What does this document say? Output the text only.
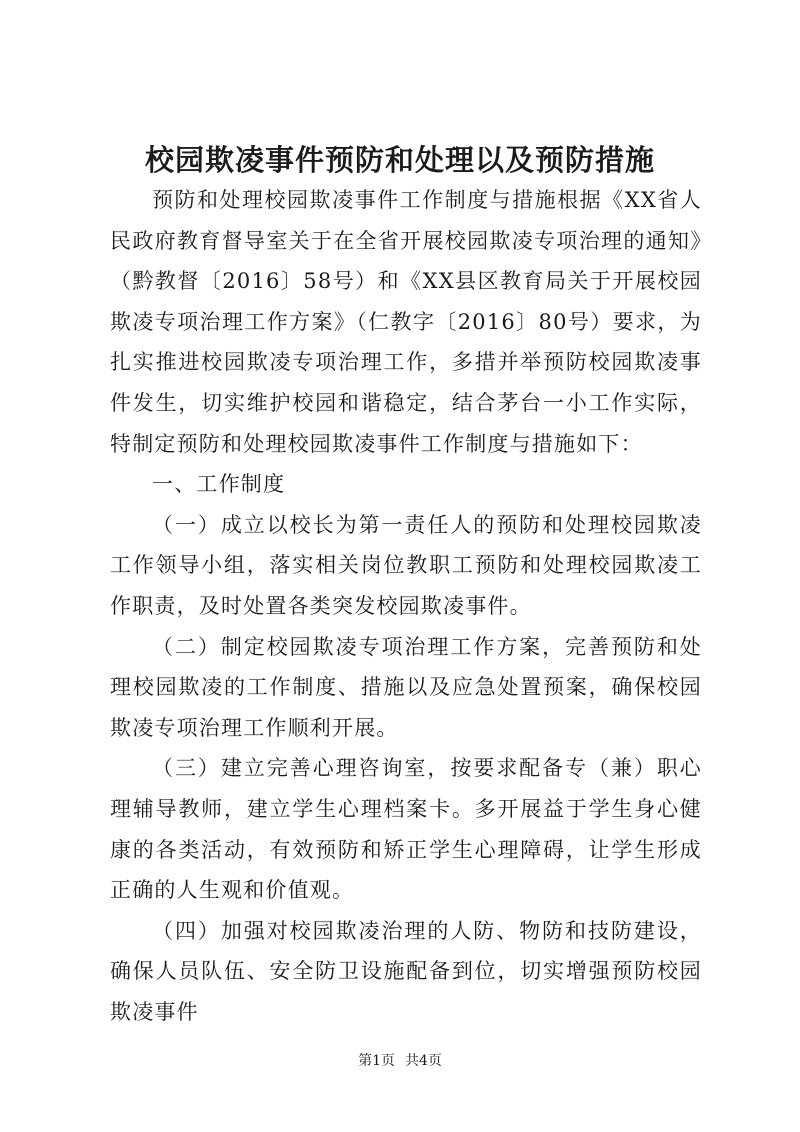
校园欺凌事件预防和处理以及预防措施

预防和处理校园欺凌事件工作制度与措施根据《XX省人民政府教育督导室关于在全省开展校园欺凌专项治理的通知》（黔教督〔2016〕58号）和《XX县区教育局关于开展校园欺凌专项治理工作方案》（仁教字〔2016〕80号）要求，为扎实推进校园欺凌专项治理工作，多措并举预防校园欺凌事件发生，切实维护校园和谐稳定，结合茅台一小工作实际，特制定预防和处理校园欺凌事件工作制度与措施如下：

一、工作制度

（一）成立以校长为第一责任人的预防和处理校园欺凌工作领导小组，落实相关岗位教职工预防和处理校园欺凌工作职责，及时处置各类突发校园欺凌事件。

（二）制定校园欺凌专项治理工作方案，完善预防和处理校园欺凌的工作制度、措施以及应急处置预案，确保校园欺凌专项治理工作顺利开展。

（三）建立完善心理咨询室，按要求配备专（兼）职心理辅导教师，建立学生心理档案卡。多开展益于学生身心健康的各类活动，有效预防和矫正学生心理障碍，让学生形成正确的人生观和价值观。

（四）加强对校园欺凌治理的人防、物防和技防建设，确保人员队伍、安全防卫设施配备到位，切实增强预防校园欺凌事件

第1页 共4页
